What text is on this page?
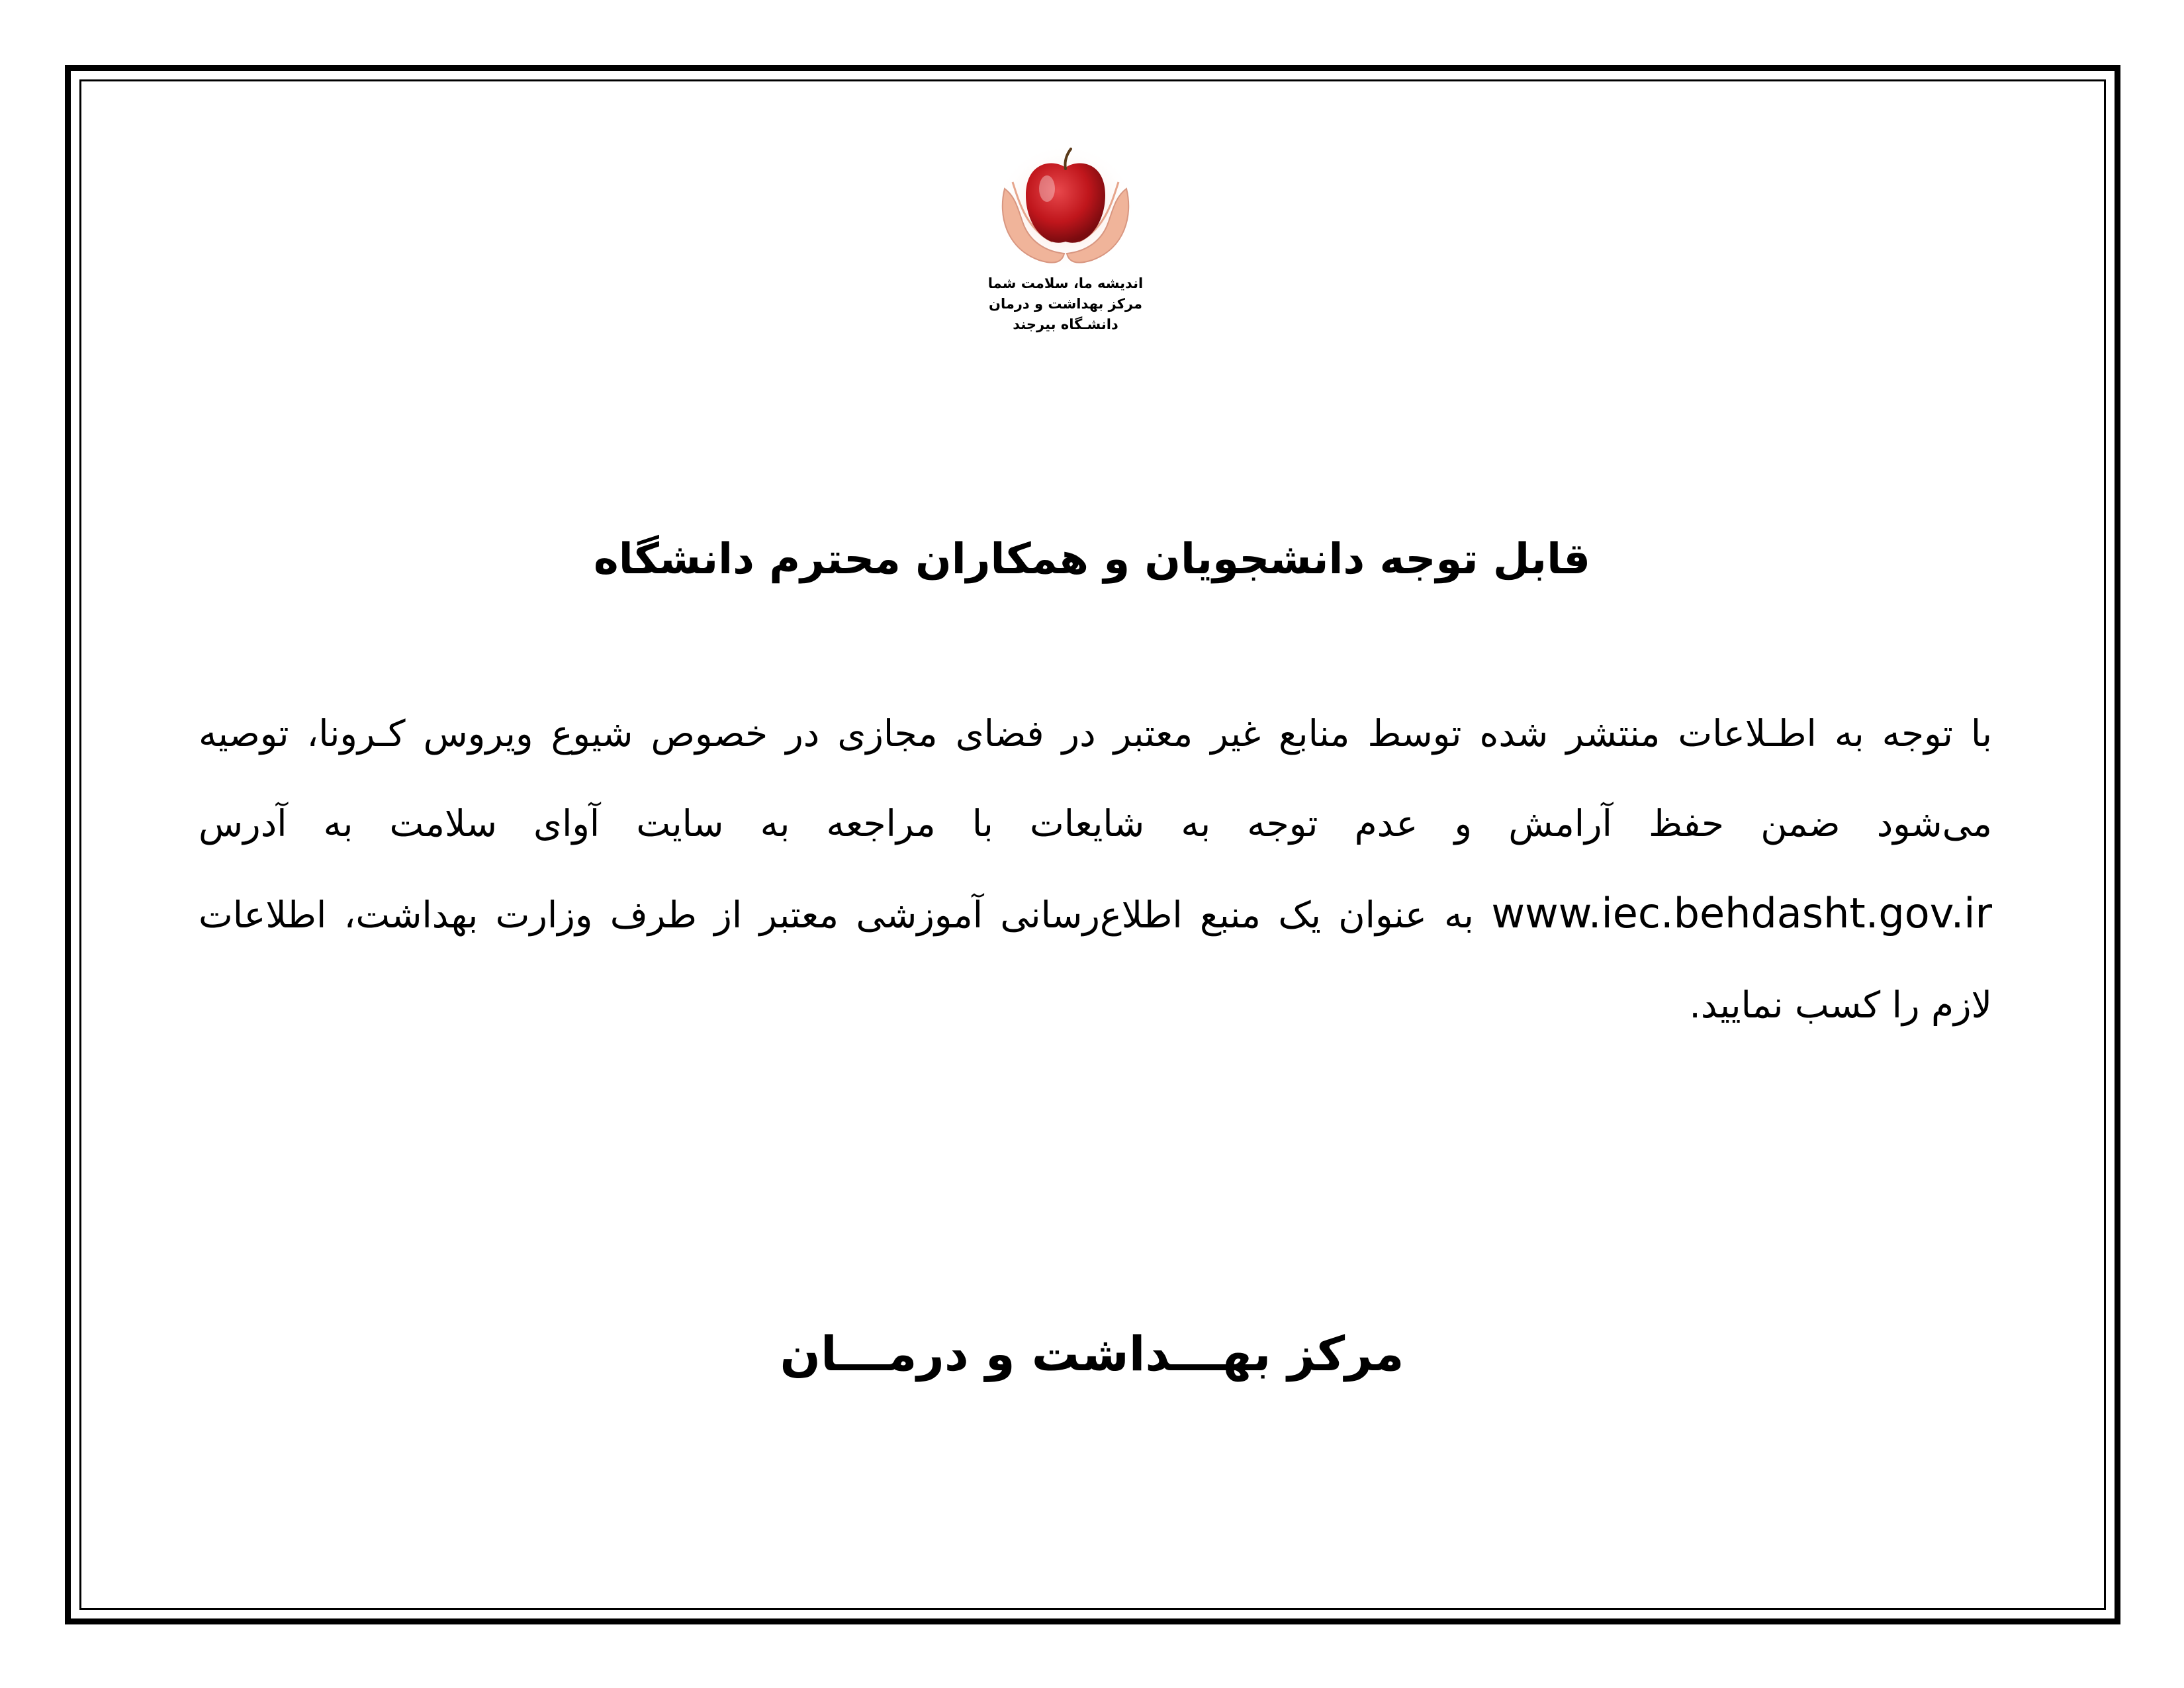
اندیشه ما، سلامت شما
مرکز بهداشت و درمان
دانشـگاه بیرجند
قابل توجه دانشجویان و همکاران محترم دانشگاه
با توجه به اطـلاعات منتشر شده توسط منابع غیر معتبر در فضای مجازی در خصوص شیوع ویروس کـرونا، توصیه می‌شود ضمن حفظ آرامش و عدم توجه به شایعات با مراجعه به سایت آوای سلامت به آدرس www.iec.behdasht.gov.ir به عنوان یک منبع اطلاع‌رسانی آموزشی معتبر از طرف وزارت بهداشت، اطلاعات لازم را کسب نمایید.
مرکز بهـــداشت و درمـــان
